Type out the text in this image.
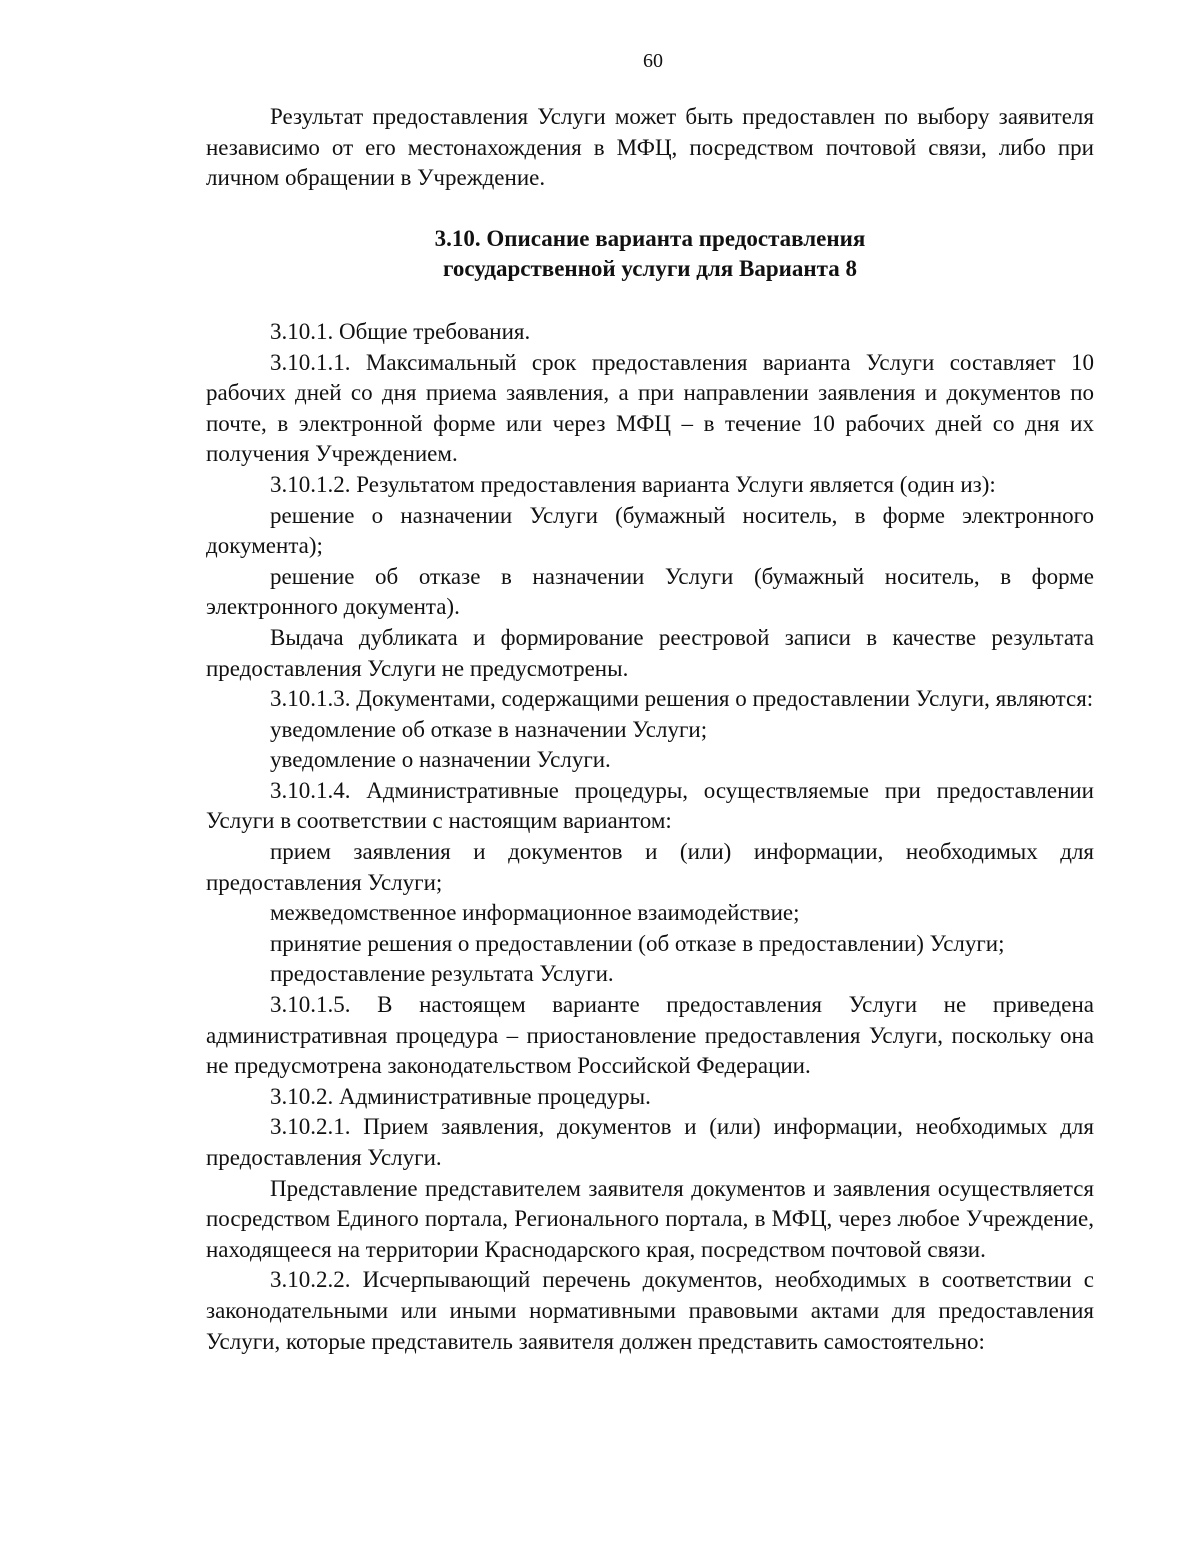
60

Результат предоставления Услуги может быть предоставлен по выбору заявителя независимо от его местонахождения в МФЦ, посредством почтовой связи, либо при личном обращении в Учреждение.

3.10. Описание варианта предоставления
государственной услуги для Варианта 8

3.10.1. Общие требования.

3.10.1.1. Максимальный срок предоставления варианта Услуги составляет 10 рабочих дней со дня приема заявления, а при направлении заявления и документов по почте, в электронной форме или через МФЦ – в течение 10 рабочих дней со дня их получения Учреждением.

3.10.1.2. Результатом предоставления варианта Услуги является (один из):

решение о назначении Услуги (бумажный носитель, в форме электронного документа);

решение об отказе в назначении Услуги (бумажный носитель, в форме электронного документа).

Выдача дубликата и формирование реестровой записи в качестве результата предоставления Услуги не предусмотрены.

3.10.1.3. Документами, содержащими решения о предоставлении Услуги, являются:

уведомление об отказе в назначении Услуги;

уведомление о назначении Услуги.

3.10.1.4. Административные процедуры, осуществляемые при предоставлении Услуги в соответствии с настоящим вариантом:

прием заявления и документов и (или) информации, необходимых для предоставления Услуги;

межведомственное информационное взаимодействие;

принятие решения о предоставлении (об отказе в предоставлении) Услуги;

предоставление результата Услуги.

3.10.1.5. В настоящем варианте предоставления Услуги не приведена административная процедура – приостановление предоставления Услуги, поскольку она не предусмотрена законодательством Российской Федерации.

3.10.2. Административные процедуры.

3.10.2.1. Прием заявления, документов и (или) информации, необходимых для предоставления Услуги.

Представление представителем заявителя документов и заявления осуществляется посредством Единого портала, Регионального портала, в МФЦ, через любое Учреждение, находящееся на территории Краснодарского края, посредством почтовой связи.

3.10.2.2. Исчерпывающий перечень документов, необходимых в соответствии с законодательными или иными нормативными правовыми актами для предоставления Услуги, которые представитель заявителя должен представить самостоятельно:
